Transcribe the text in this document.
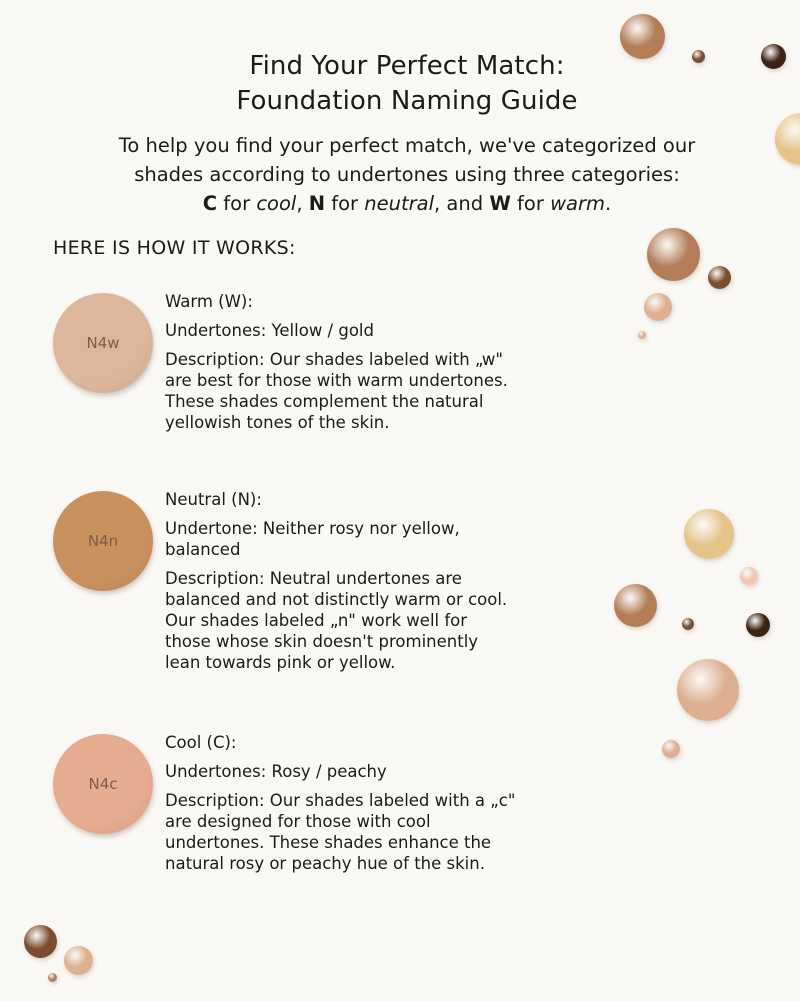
Find Your Perfect Match:
Foundation Naming Guide
To help you find your perfect match, we've categorized our
shades according to undertones using three categories:
C for cool, N for neutral, and W for warm.
HERE IS HOW IT WORKS:
N4w
Warm (W):
Undertones: Yellow / gold
Description: Our shades labeled with „w"
are best for those with warm undertones.
These shades complement the natural
yellowish tones of the skin.
N4n
Neutral (N):
Undertone: Neither rosy nor yellow,
balanced
Description: Neutral undertones are
balanced and not distinctly warm or cool.
Our shades labeled „n" work well for
those whose skin doesn't prominently
lean towards pink or yellow.
N4c
Cool (C):
Undertones: Rosy / peachy
Description: Our shades labeled with a „c"
are designed for those with cool
undertones. These shades enhance the
natural rosy or peachy hue of the skin.
